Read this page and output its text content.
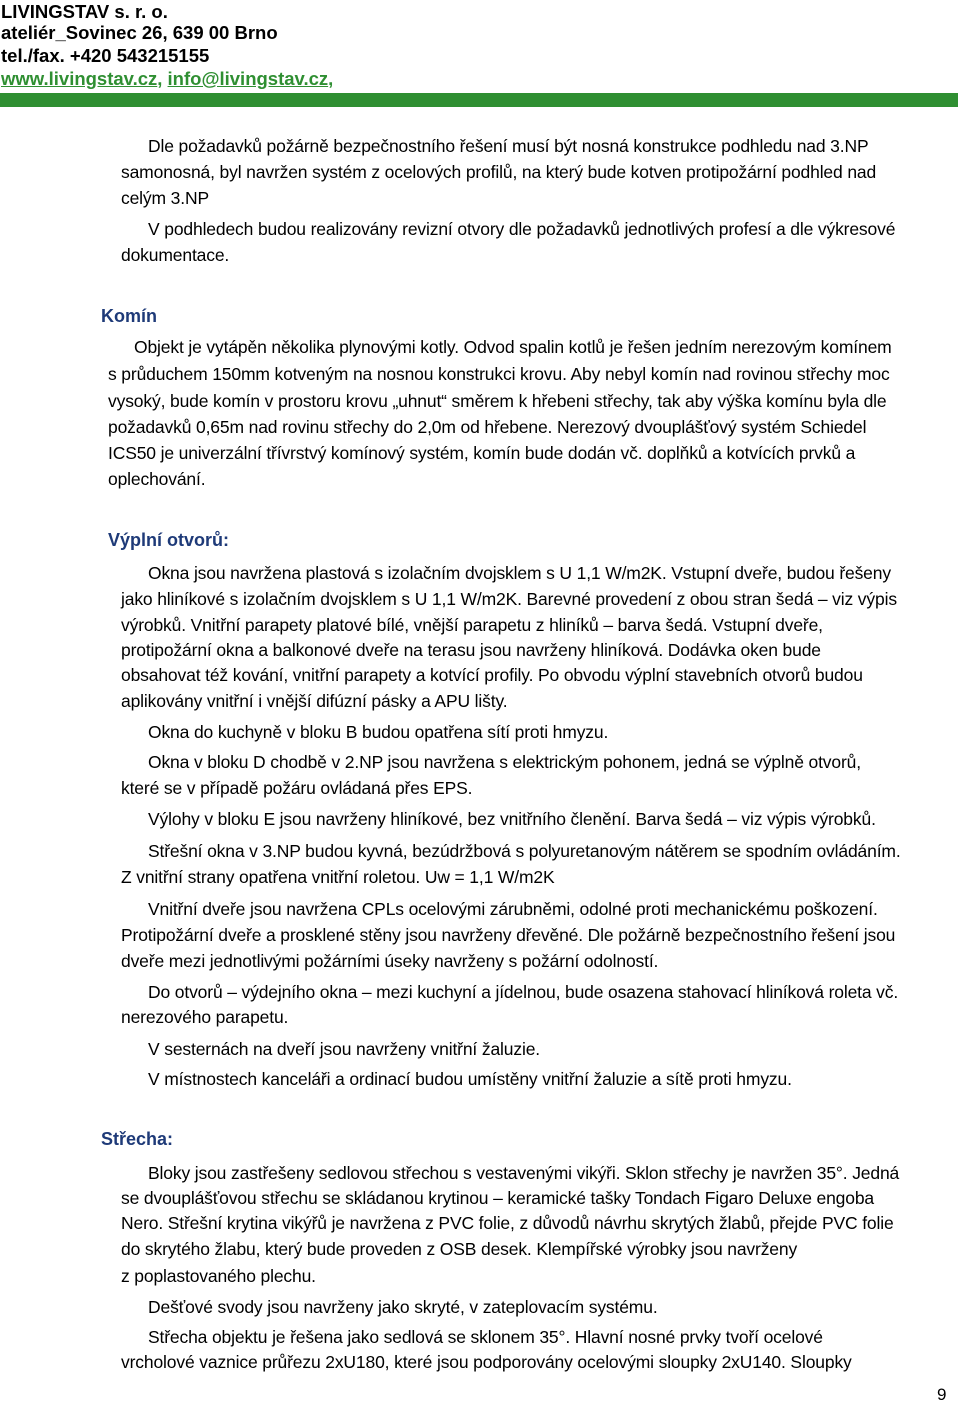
LIVINGSTAV s. r. o.
ateliér_Sovinec 26, 639 00 Brno
tel./fax. +420 543215155
www.livingstav.cz, info@livingstav.cz,
Dle požadavků požárně bezpečnostního řešení musí být nosná konstrukce podhledu nad 3.NP
samonosná, byl navržen systém z ocelových profilů, na který bude kotven protipožární podhled nad
celým 3.NP
V podhledech budou realizovány revizní otvory dle požadavků jednotlivých profesí a dle výkresové
dokumentace.
Komín
Objekt je vytápěn několika plynovými kotly. Odvod spalin kotlů je řešen jedním nerezovým komínem
s průduchem 150mm kotveným na nosnou konstrukci krovu. Aby nebyl komín nad rovinou střechy moc
vysoký, bude komín v prostoru krovu „uhnut“ směrem k hřebeni střechy, tak aby výška komínu byla dle
požadavků 0,65m nad rovinu střechy do 2,0m od hřebene. Nerezový dvouplášťový systém Schiedel
ICS50 je univerzální třívrstvý komínový systém, komín bude dodán vč. doplňků a kotvících prvků a
oplechování.
Výplní otvorů:
Okna jsou navržena plastová s izolačním dvojsklem s U 1,1 W/m2K. Vstupní dveře, budou řešeny
jako hliníkové s izolačním dvojsklem s U 1,1 W/m2K. Barevné provedení z obou stran šedá – viz výpis
výrobků. Vnitřní parapety platové bílé, vnější parapetu z hliníků – barva šedá. Vstupní dveře,
protipožární okna a balkonové dveře na terasu jsou navrženy hliníková. Dodávka oken bude
obsahovat též kování, vnitřní parapety a kotvící profily. Po obvodu výplní stavebních otvorů budou
aplikovány vnitřní i vnější difúzní pásky a APU lišty.
Okna do kuchyně v bloku B budou opatřena sítí proti hmyzu.
Okna v bloku D chodbě v 2.NP jsou navržena s elektrickým pohonem, jedná se výplně otvorů,
které se v případě požáru ovládaná přes EPS.
Výlohy v bloku E jsou navrženy hliníkové, bez vnitřního členění. Barva šedá – viz výpis výrobků.
Střešní okna v 3.NP budou kyvná, bezúdržbová s polyuretanovým nátěrem se spodním ovládáním.
Z vnitřní strany opatřena vnitřní roletou. Uw = 1,1 W/m2K
Vnitřní dveře jsou navržena CPLs ocelovými zárubněmi, odolné proti mechanickému poškození.
Protipožární dveře a prosklené stěny jsou navrženy dřevěné. Dle požárně bezpečnostního řešení jsou
dveře mezi jednotlivými požárními úseky navrženy s požární odolností.
Do otvorů – výdejního okna – mezi kuchyní a jídelnou, bude osazena stahovací hliníková roleta vč.
nerezového parapetu.
V sesternách na dveří jsou navrženy vnitřní žaluzie.
V místnostech kanceláři a ordinací budou umístěny vnitřní žaluzie a sítě proti hmyzu.
Střecha:
Bloky jsou zastřešeny sedlovou střechou s vestavenými vikýři. Sklon střechy je navržen 35°. Jedná
se dvouplášťovou střechu se skládanou krytinou – keramické tašky Tondach Figaro Deluxe engoba
Nero. Střešní krytina vikýřů je navržena z PVC folie, z důvodů návrhu skrytých žlabů, přejde PVC folie
do skrytého žlabu, který bude proveden z OSB desek. Klempířské výrobky jsou navrženy
z poplastovaného plechu.
Dešťové svody jsou navrženy jako skryté, v zateplovacím systému.
Střecha objektu je řešena jako sedlová se sklonem 35°. Hlavní nosné prvky tvoří ocelové
vrcholové vaznice průřezu 2xU180, které jsou podporovány ocelovými sloupky 2xU140. Sloupky
9
